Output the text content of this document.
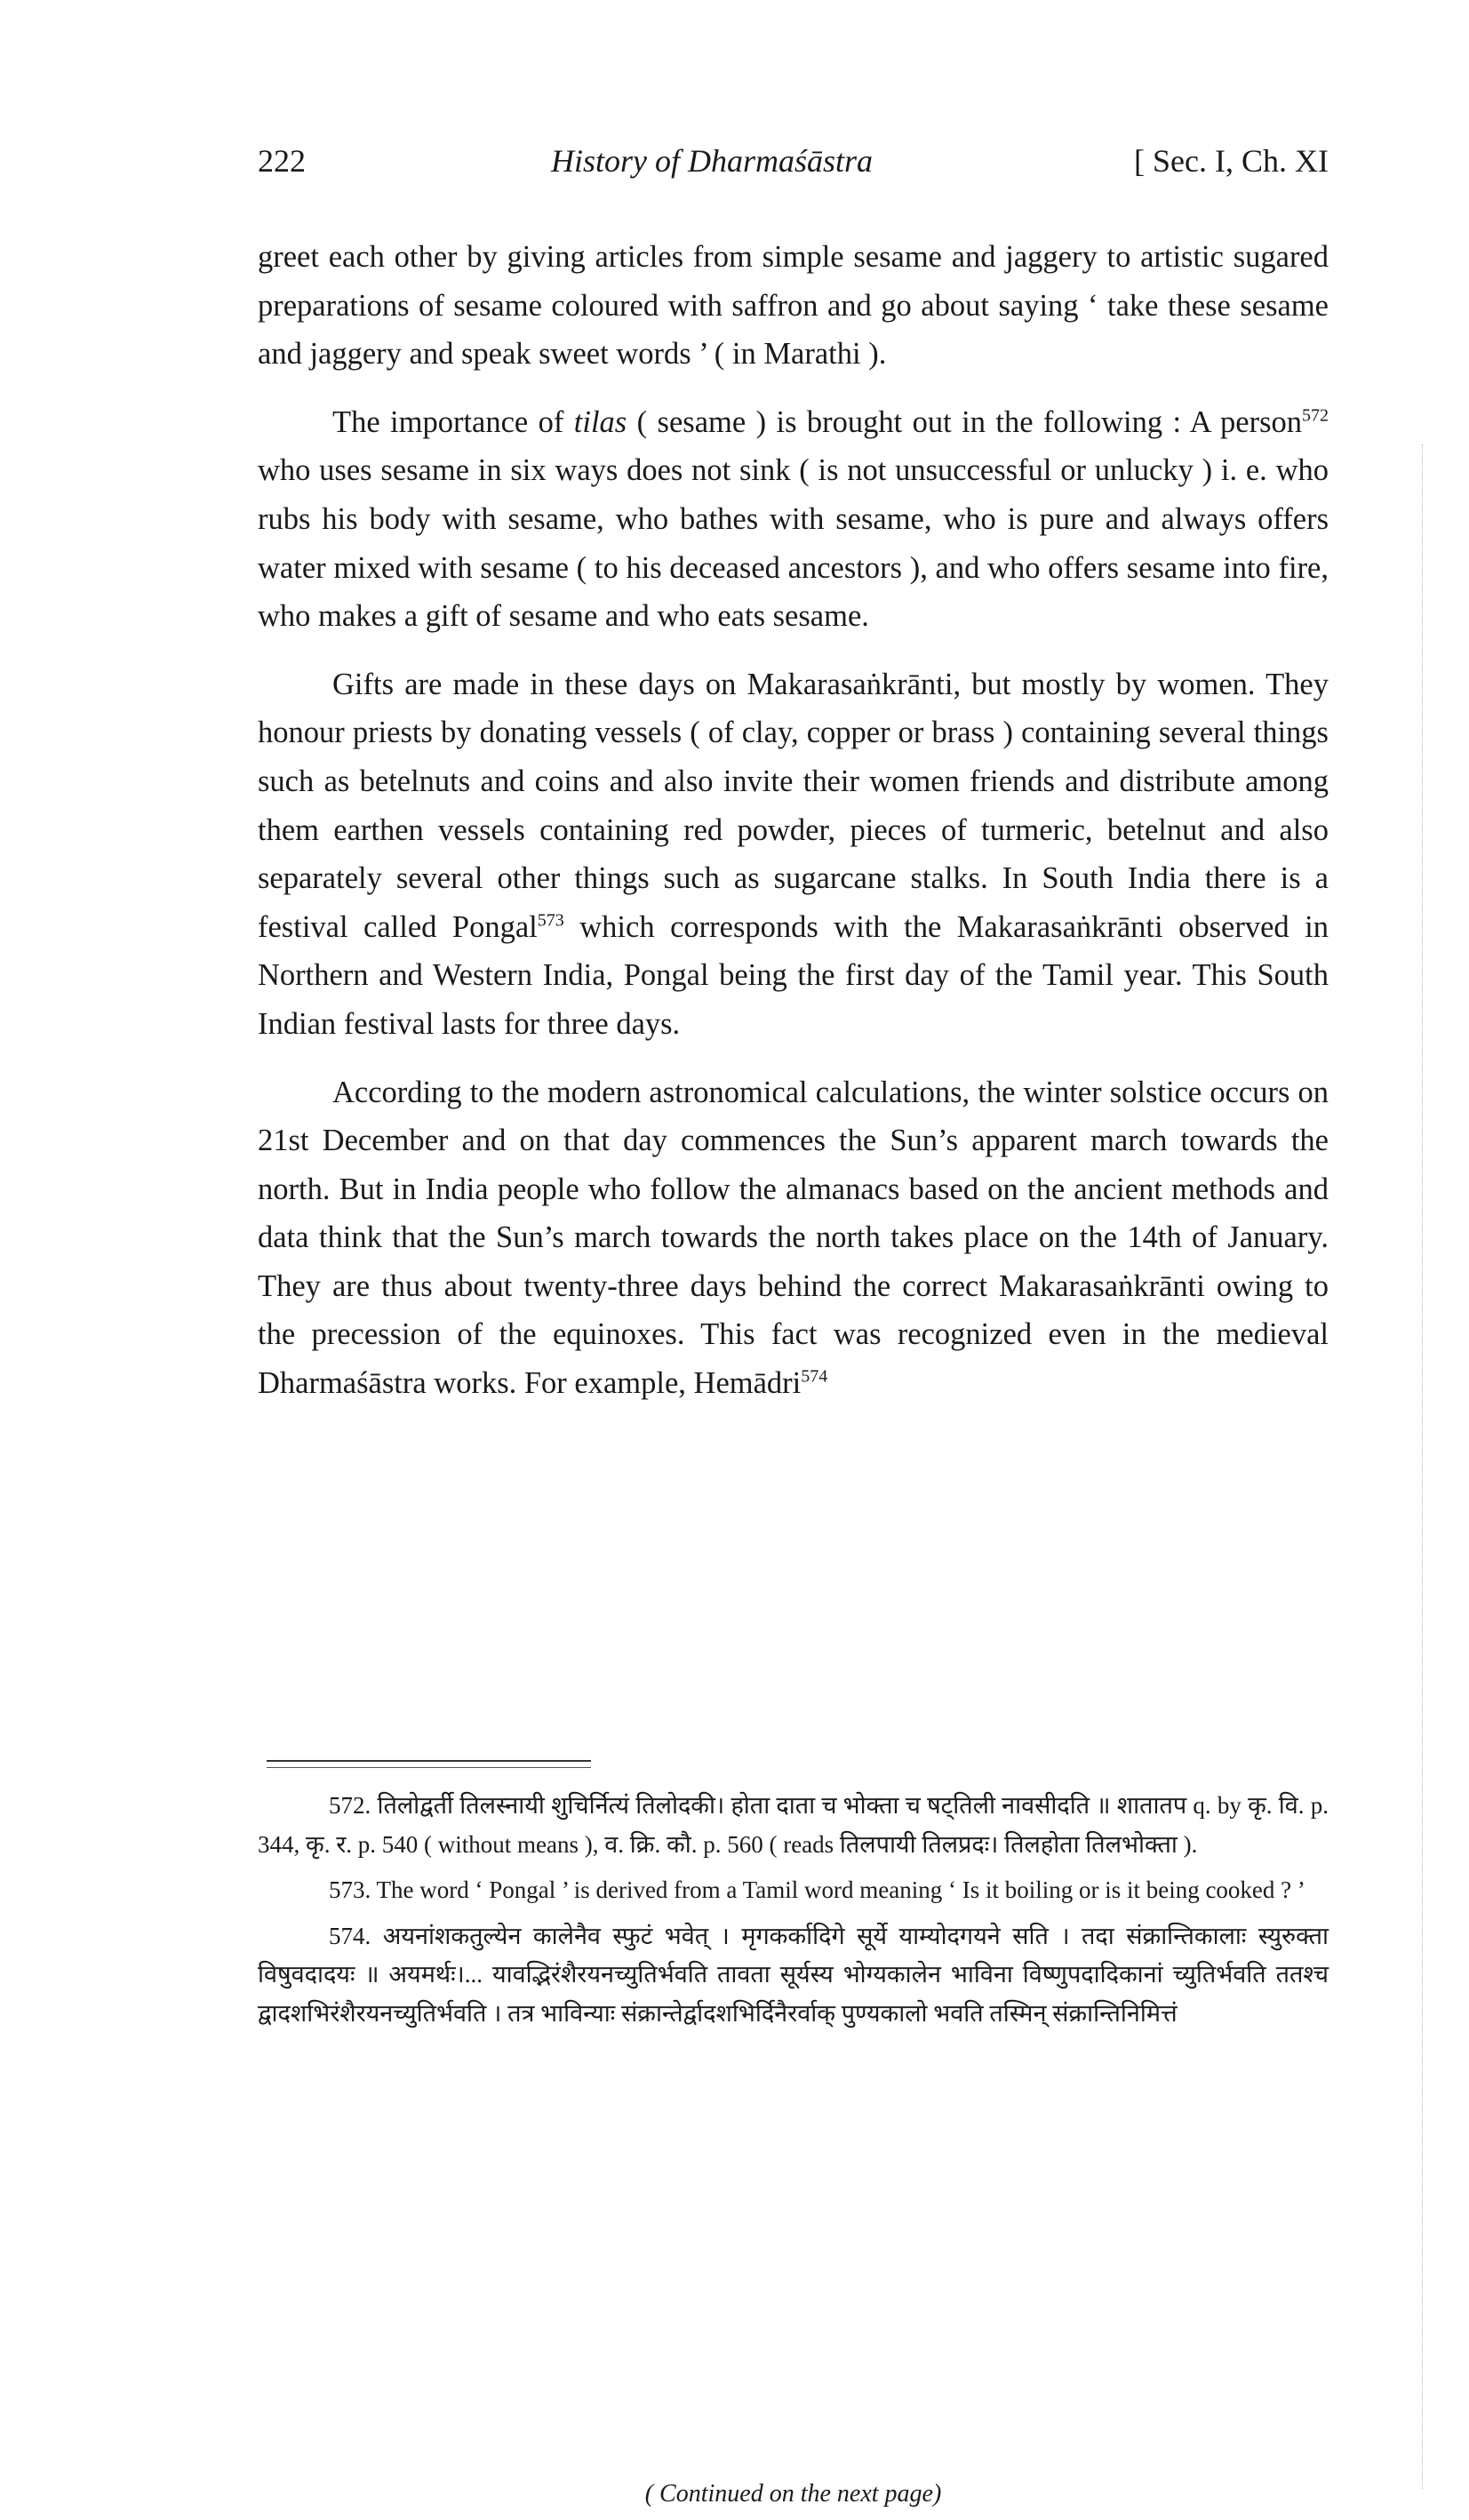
222	History of Dharmaśāstra	[ Sec. I, Ch. XI

greet each other by giving articles from simple sesame and jaggery to artistic sugared preparations of sesame coloured with saffron and go about saying ‘ take these sesame and jaggery and speak sweet words ’ ( in Marathi ).

The importance of tilas ( sesame ) is brought out in the following : A person$^{572}$ who uses sesame in six ways does not sink ( is not unsuccessful or unlucky ) i. e. who rubs his body with sesame, who bathes with sesame, who is pure and always offers water mixed with sesame ( to his deceased ancestors ), and who offers sesame into fire, who makes a gift of sesame and who eats sesame.

Gifts are made in these days on Makarasaṅkrānti, but mostly by women. They honour priests by donating vessels ( of clay, copper or brass ) containing several things such as betelnuts and coins and also invite their women friends and distribute among them earthen vessels containing red powder, pieces of turmeric, betelnut and also separately several other things such as sugarcane stalks. In South India there is a festival called Pongal$^{573}$ which corresponds with the Makarasaṅkrānti observed in Northern and Western India, Pongal being the first day of the Tamil year. This South Indian festival lasts for three days.

According to the modern astronomical calculations, the winter solstice occurs on 21st December and on that day commences the Sun’s apparent march towards the north. But in India people who follow the almanacs based on the ancient methods and data think that the Sun’s march towards the north takes place on the 14th of January. They are thus about twenty-three days behind the correct Makarasaṅkrānti owing to the precession of the equinoxes. This fact was recognized even in the medieval Dharmaśāstra works. For example, Hemādri$^{574}$

572. तिलोद्वर्ती तिलस्नायी शुचिर्नित्यं तिलोदकी। होता दाता च भोक्ता च षट्तिली नावसीदति ॥ शातातप q. by कृ. वि. p. 344, कृ. र. p. 540 ( without means ), व. क्रि. कौ. p. 560 ( reads तिलपायी तिलप्रदः। तिलहोता तिलभोक्ता ).

573. The word ‘ Pongal ’ is derived from a Tamil word meaning ‘ Is it boiling or is it being cooked ? ’

574. अयनांशकतुल्येन कालेनैव स्फुटं भवेत् । मृगकर्कादिगे सूर्ये याम्योदगयने सति । तदा संक्रान्तिकालाः स्युरुक्ता विषुवदादयः ॥ अयमर्थः।... यावद्भिरंशैरयनच्युतिर्भवति तावता सूर्यस्य भोग्यकालेन भाविना विष्णुपदादिकानां च्युतिर्भवति ततश्च द्वादशभिरंशैरयनच्युतिर्भवति । तत्र भाविन्याः संक्रान्तेर्द्वादशभिर्दिनैरर्वाक् पुण्यकालो भवति तस्मिन् संक्रान्तिनिमित्तं

( Continued on the next page)
